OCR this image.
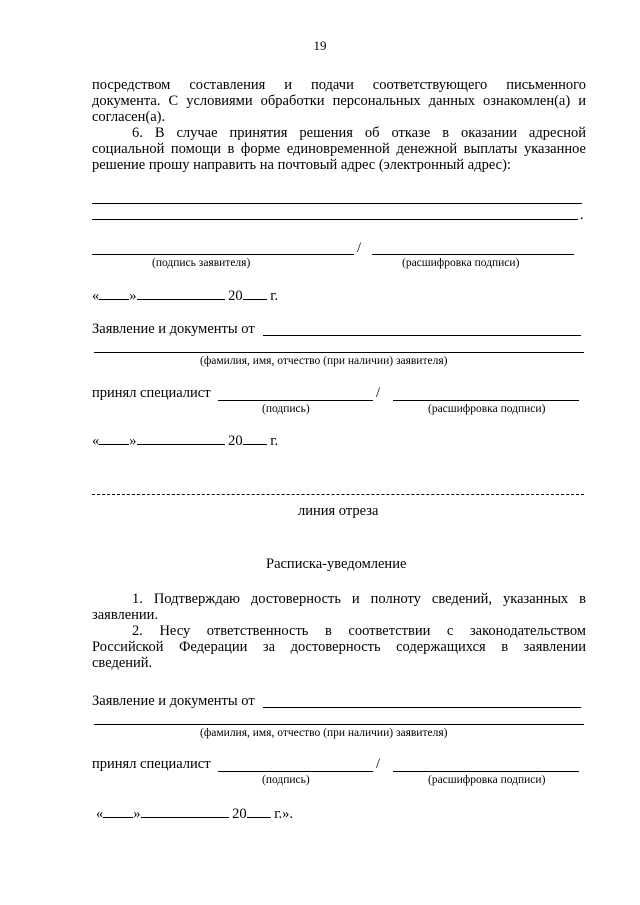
19
посредством составления и подачи соответствующего письменного
документа. С условиями обработки персональных данных ознакомлен(а) и
согласен(а).
6. В случае принятия решения об отказе в оказании адресной
социальной помощи в форме единовременной денежной выплаты указанное
решение прошу направить на почтовый адрес (электронный адрес):
.
/
(подпись заявителя)	(расшифровка подписи)
« »	20 г.
Заявление и документы от
(фамилия, имя, отчество (при наличии) заявителя)
принял специалист	/
(подпись)	(расшифровка подписи)
« »	20 г.
линия отреза
Расписка-уведомление
1. Подтверждаю достоверность и полноту сведений, указанных в
заявлении.
2. Несу ответственность в соответствии с законодательством
Российской Федерации за достоверность содержащихся в заявлении
сведений.
Заявление и документы от
(фамилия, имя, отчество (при наличии) заявителя)
принял специалист	/
(подпись)	(расшифровка подписи)
« »	20 г.».
